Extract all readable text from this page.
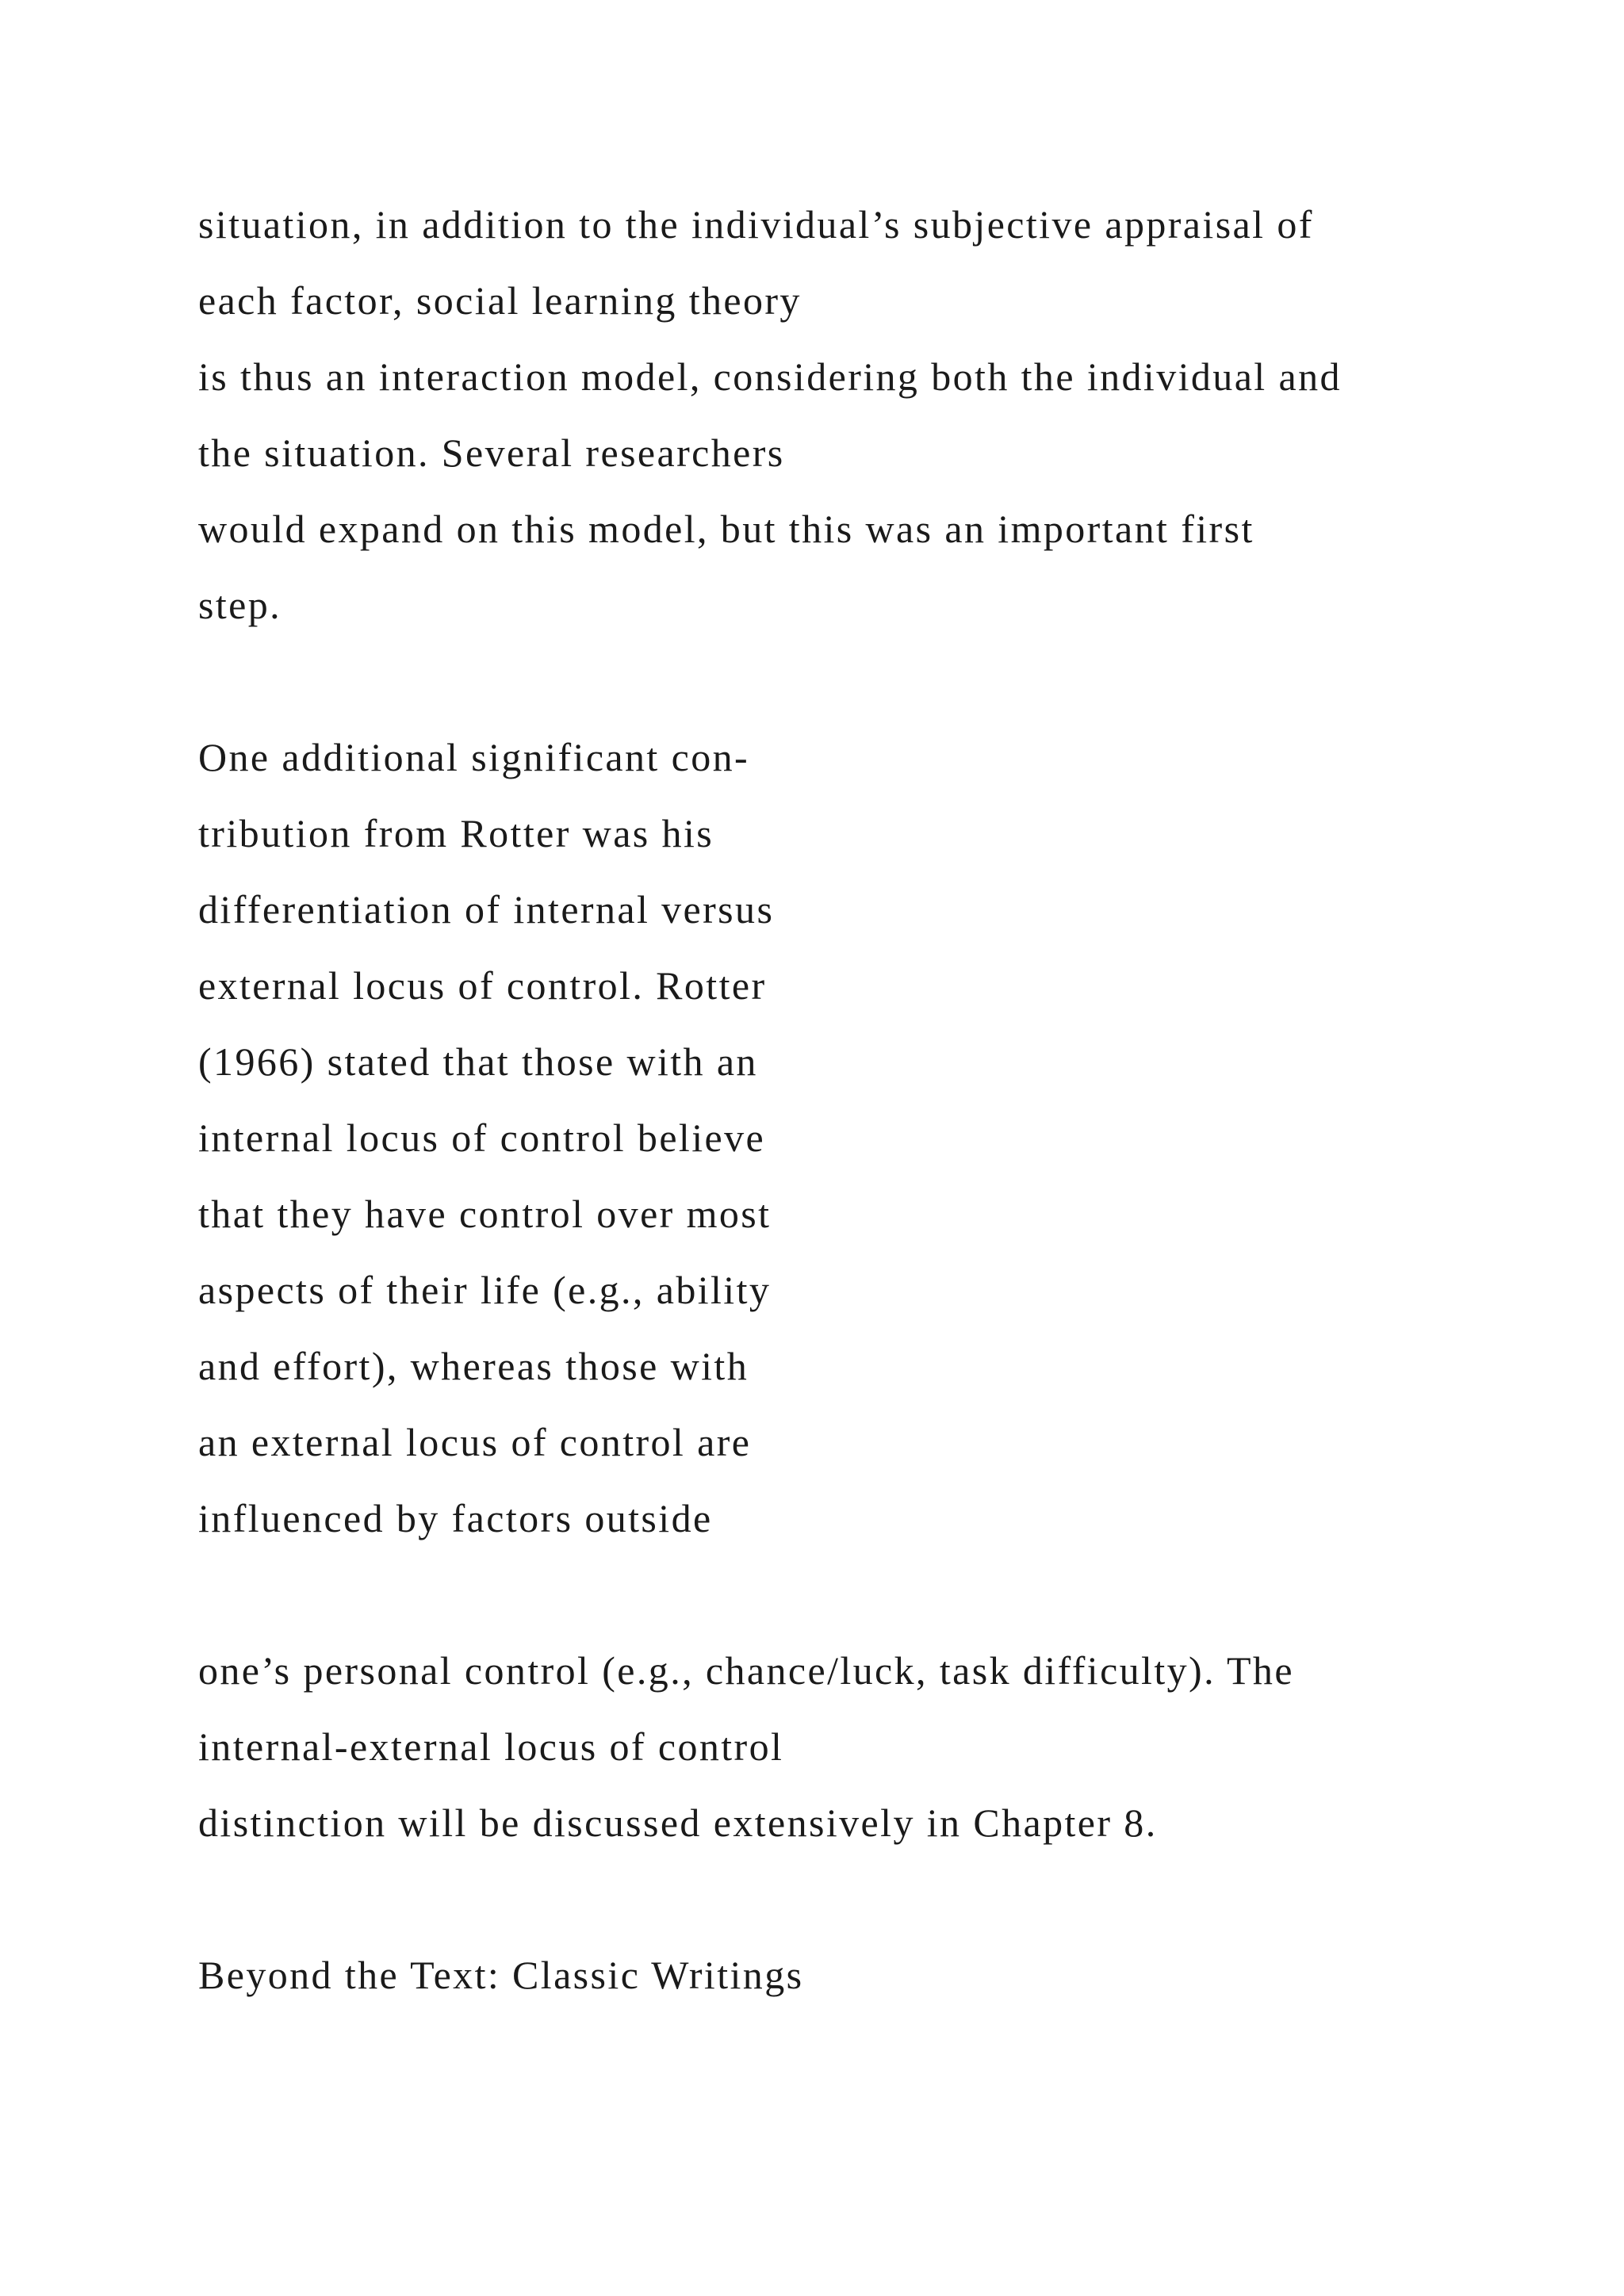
situation, in addition to the individual’s subjective appraisal of
each factor, social learning theory
is thus an interaction model, considering both the individual and
the situation. Several researchers
would expand on this model, but this was an important first
step.
One additional significant con-
tribution from Rotter was his
differentiation of internal versus
external locus of control. Rotter
(1966) stated that those with an
internal locus of control believe
that they have control over most
aspects of their life (e.g., ability
and effort), whereas those with
an external locus of control are
influenced by factors outside
one’s personal control (e.g., chance/luck, task difficulty). The
internal-external locus of control
distinction will be discussed extensively in Chapter 8.
Beyond the Text: Classic Writings
